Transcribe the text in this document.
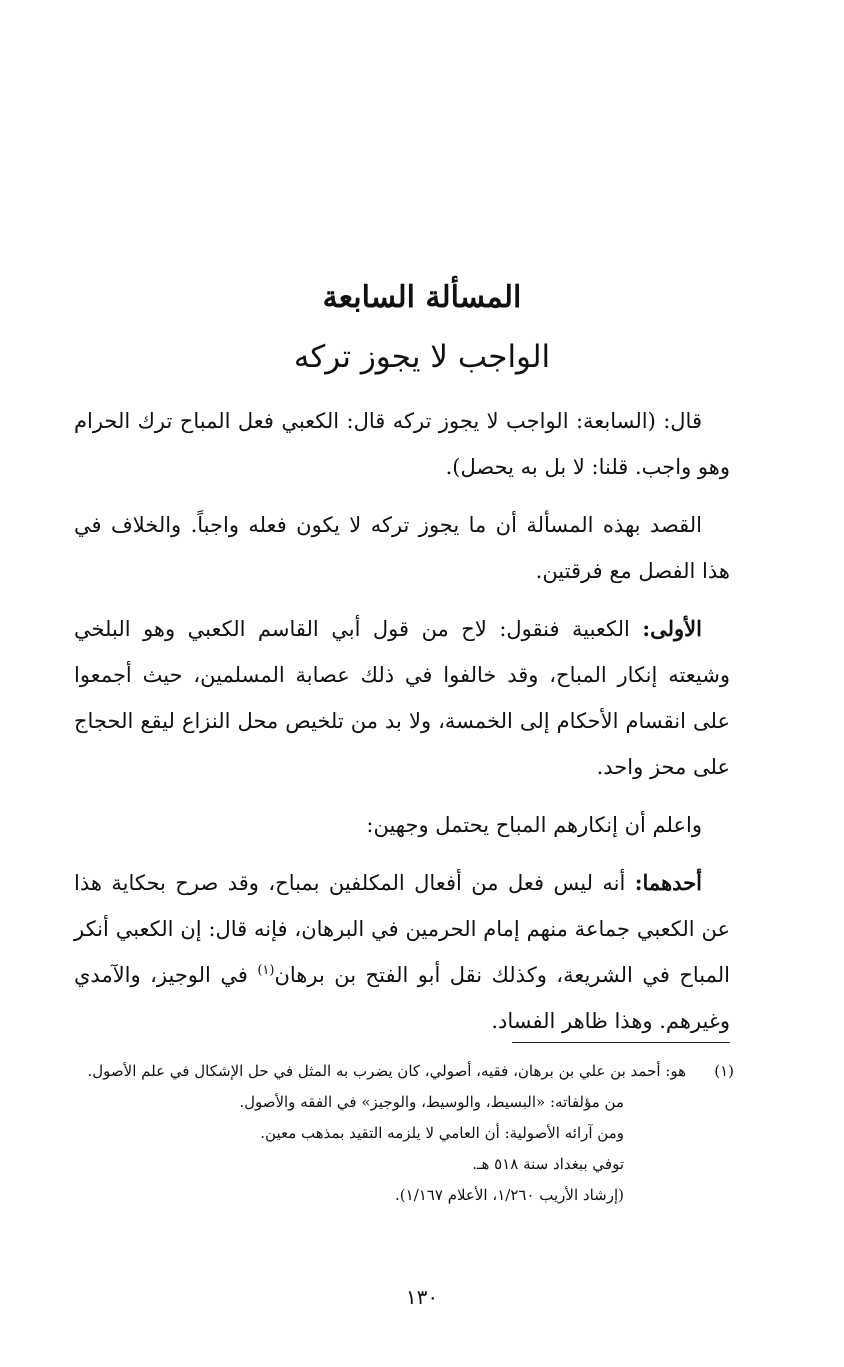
المسألة السابعة
الواجب لا يجوز تركه

قال: (السابعة: الواجب لا يجوز تركه قال: الكعبي فعل المباح ترك الحرام وهو واجب. قلنا: لا بل به يحصل).

القصد بهذه المسألة أن ما يجوز تركه لا يكون فعله واجباً. والخلاف في هذا الفصل مع فرقتين.

الأولى: الكعبية فنقول: لاح من قول أبي القاسم الكعبي وهو البلخي وشيعته إنكار المباح، وقد خالفوا في ذلك عصابة المسلمين، حيث أجمعوا على انقسام الأحكام إلى الخمسة، ولا بد من تلخيص محل النزاع ليقع الحجاج على محز واحد.

واعلم أن إنكارهم المباح يحتمل وجهين:

أحدهما: أنه ليس فعل من أفعال المكلفين بمباح، وقد صرح بحكاية هذا عن الكعبي جماعة منهم إمام الحرمين في البرهان، فإنه قال: إن الكعبي أنكر المباح في الشريعة، وكذلك نقل أبو الفتح بن برهان$^{(١)}$ في الوجيز، والآمدي وغيرهم. وهذا ظاهر الفساد.

(١)
هو: أحمد بن علي بن برهان، فقيه، أصولي، كان يضرب به المثل في حل الإشكال في علم الأصول.
من مؤلفاته: «البسيط، والوسيط، والوجيز» في الفقه والأصول.
ومن آرائه الأصولية: أن العامي لا يلزمه التقيد بمذهب معين.
توفي ببغداد سنة ٥١٨ هـ.
(إرشاد الأريب ١/٢٦٠، الأعلام ١/١٦٧).
١٣٠
